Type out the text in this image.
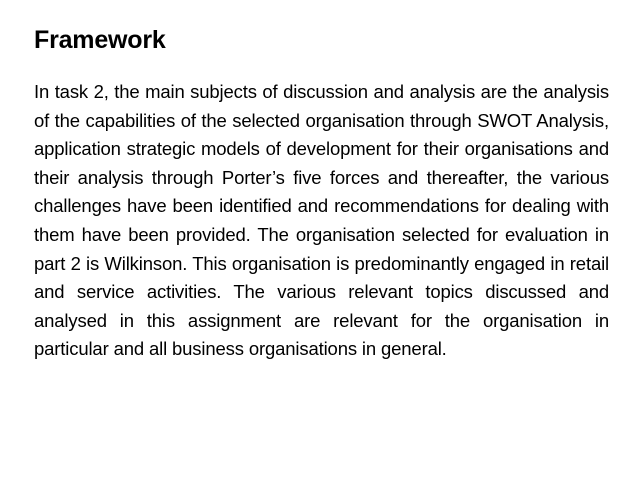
Framework

In task 2, the main subjects of discussion and analysis are the analysis of the capabilities of the selected organisation through SWOT Analysis, application strategic models of development for their organisations and their analysis through Porter’s five forces and thereafter, the various challenges have been identified and recommendations for dealing with them have been provided. The organisation selected for evaluation in part 2 is Wilkinson. This organisation is predominantly engaged in retail and service activities. The various relevant topics discussed and analysed in this assignment are relevant for the organisation in particular and all business organisations in general.
